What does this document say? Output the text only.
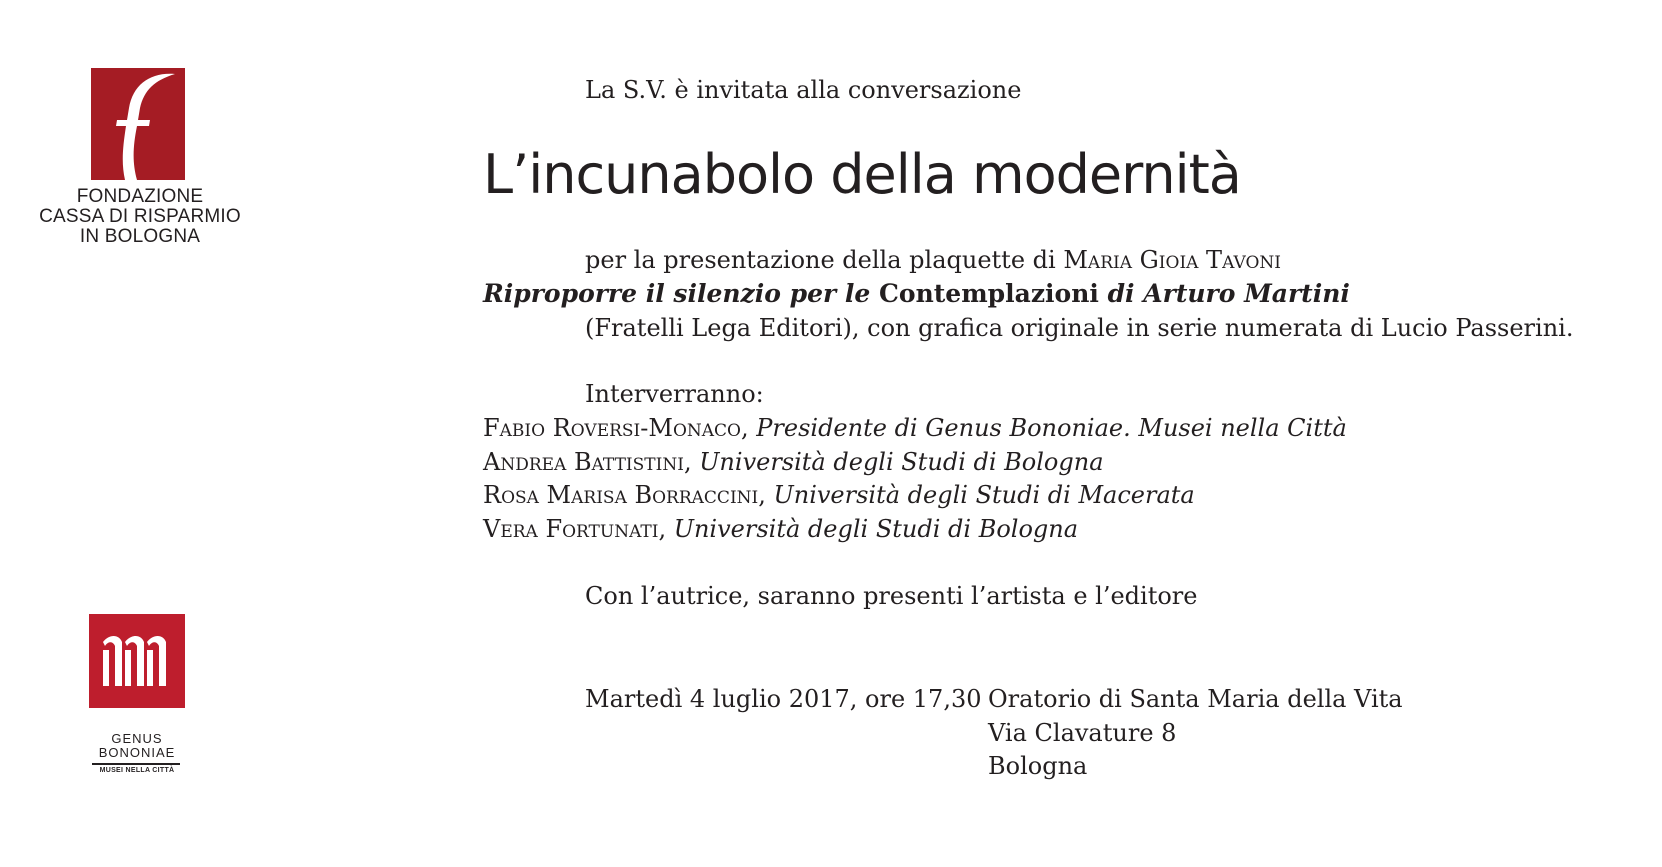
FONDAZIONE
CASSA DI RISPARMIO
IN BOLOGNA
GENUS
BONONIAE
MUSEI NELLA CITTÀ
La S.V. è invitata alla conversazione
L’incunabolo della modernità
per la presentazione della plaquette di Maria Gioia Tavoni
Riproporre il silenzio per le Contemplazioni di Arturo Martini
(Fratelli Lega Editori), con grafica originale in serie numerata di Lucio Passerini.
Interverranno:
Fabio Roversi-Monaco, Presidente di Genus Bononiae. Musei nella Città
Andrea Battistini, Università degli Studi di Bologna
Rosa Marisa Borraccini, Università degli Studi di Macerata
Vera Fortunati, Università degli Studi di Bologna
Con l’autrice, saranno presenti l’artista e l’editore
Martedì 4 luglio 2017, ore 17,30 Oratorio di Santa Maria della Vita
Via Clavature 8
Bologna
